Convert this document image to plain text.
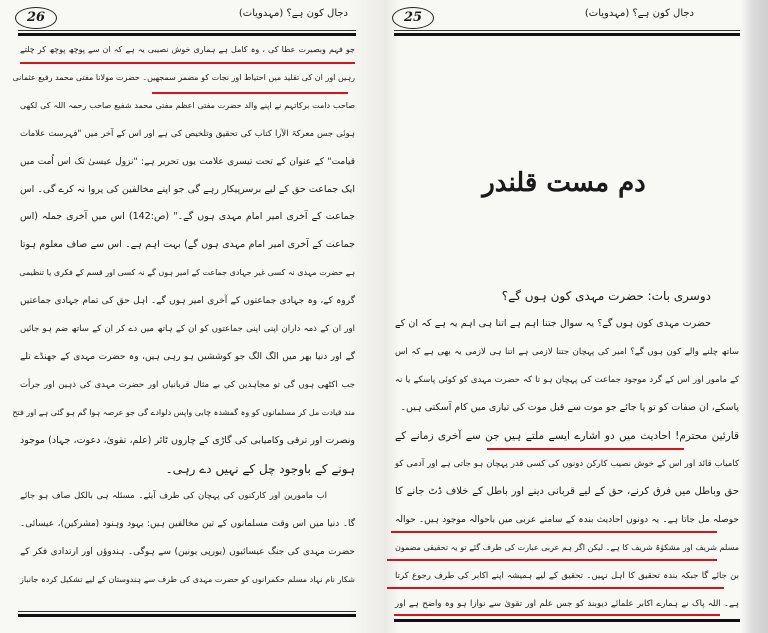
26	دجال کون ہے؟ (مہدویات)
جو فہم وبصیرت عطا کی ، وہ کامل ہے ہماری خوش نصیبی یہ ہے کہ ان سے پوچھ پوچھ کر چلتے
رہیں اور ان کی تقلید میں احتیاط اور نجات کو مضمر سمجھیں۔ حضرت مولانا مفتی محمد رفیع عثمانی
صاحب دامت برکاتہم نے اپنے والد حضرت مفتی اعظم مفتی محمد شفیع صاحب رحمہ اللہ کی لکھی
ہوئی جس معرکۃ الآرا کتاب کی تحقیق وتلخیص کی ہے اور اس کے آخر میں "فہرست علامات
قیامت" کے عنوان کے تحت تیسری علامت یوں تحریر ہے: "نزول عیسیٰ تک اس اُمت میں
ایک جماعت حق کے لیے برسرپیکار رہے گی جو اپنے مخالفین کی پروا نہ کرے گی۔ اس
جماعت کے آخری امیر امام مہدی ہوں گے۔" (ص:142) اس میں آخری جملہ (اس
جماعت کے آخری امیر امام مہدی ہوں گے) بہت اہم ہے۔ اس سے صاف معلوم ہوتا
ہے حضرت مہدی نہ کسی غیر جہادی جماعت کے امیر ہوں گے نہ کسی اور قسم کے فکری یا تنظیمی
گروہ کے، وہ جہادی جماعتوں کے آخری امیر ہوں گے۔ اہل حق کی تمام جہادی جماعتیں
اور ان کے ذمہ داران اپنی اپنی جماعتوں کو ان کے ہاتھ میں دے کر ان کے ساتھ ضم ہو جائیں
گے اور دنیا بھر میں الگ الگ جو کوششیں ہو رہی ہیں، وہ حضرت مہدی کے جھنڈے تلے
جب اکٹھی ہوں گی تو مجاہدین کی بے مثال قربانیاں اور حضرت مہدی کی ذہین اور جرأت
مند قیادت مل کر مسلمانوں کو وہ گمشدہ چابی واپس دلوادے گی جو عرصہ ہوا گم ہو گئی ہے اور فتح
ونصرت اور ترقی وکامیابی کی گاڑی کے چاروں ٹائر (علم، تقویٰ، دعوت، جہاد) موجود
ہونے کے باوجود چل کے نہیں دے رہی۔
اب مامورین اور کارکنوں کی پہچان کی طرف آیئے۔ مسئلہ ہی بالکل صاف ہو جائے
گا۔ دنیا میں اس وقت مسلمانوں کے تین مخالفین ہیں: یہود وہنود (مشرکین)، عیسائی۔
حضرت مہدی کی جنگ عیسائیوں (یورپی یونین) سے ہوگی۔ ہندوؤں اور ارتدادی فکر کے
شکار نام نہاد مسلم حکمرانوں کو حضرت مہدی کی طرف سے ہندوستان کے لیے تشکیل کردہ جانباز
25	دجال کون ہے؟ (مہدویات)
دم مست قلندر
دوسری بات: حضرت مہدی کون ہوں گے؟
حضرت مہدی کون ہوں گے؟ یہ سوال جتنا اہم ہے اتنا ہی اہم یہ ہے کہ ان کے
ساتھ چلنے والے کون ہوں گے؟ امیر کی پہچان جتنا لازمی ہے اتنا ہی لازمی یہ بھی ہے کہ اس
کے مامور اور اس کے گرد موجود جماعت کی پہچان ہو تا کہ حضرت مہدی کو کوئی پاسکے یا نہ
پاسکے، ان صفات کو تو پا جائے جو موت سے قبل موت کی تیاری میں کام آسکتی ہیں۔
قارئین محترم! احادیث میں دو اشارے ایسے ملتے ہیں جن سے آخری زمانے کے
کامیاب قائد اور اس کے خوش نصیب کارکن دونوں کی کسی قدر پہچان ہو جاتی ہے اور آدمی کو
حق وباطل میں فرق کرنے، حق کے لیے قربانی دینے اور باطل کے خلاف ڈٹ جانے کا
حوصلہ مل جاتا ہے۔ یہ دونوں احادیث بندہ کے سامنے عربی میں باحوالہ موجود ہیں۔ حوالہ
مسلم شریف اور مشکوٰۃ شریف کا ہے۔ لیکن اگر ہم عربی عبارت کی طرف گئے تو یہ تحقیقی مضمون
بن جائے گا جبکہ بندہ تحقیق کا اہل نہیں۔ تحقیق کے لیے ہمیشہ اپنے اکابر کی طرف رجوع کرتا
ہے۔ اللہ پاک نے ہمارے اکابر علمائے دیوبند کو جس علم اور تقویٰ سے نوازا ہو وہ واضح ہے اور
